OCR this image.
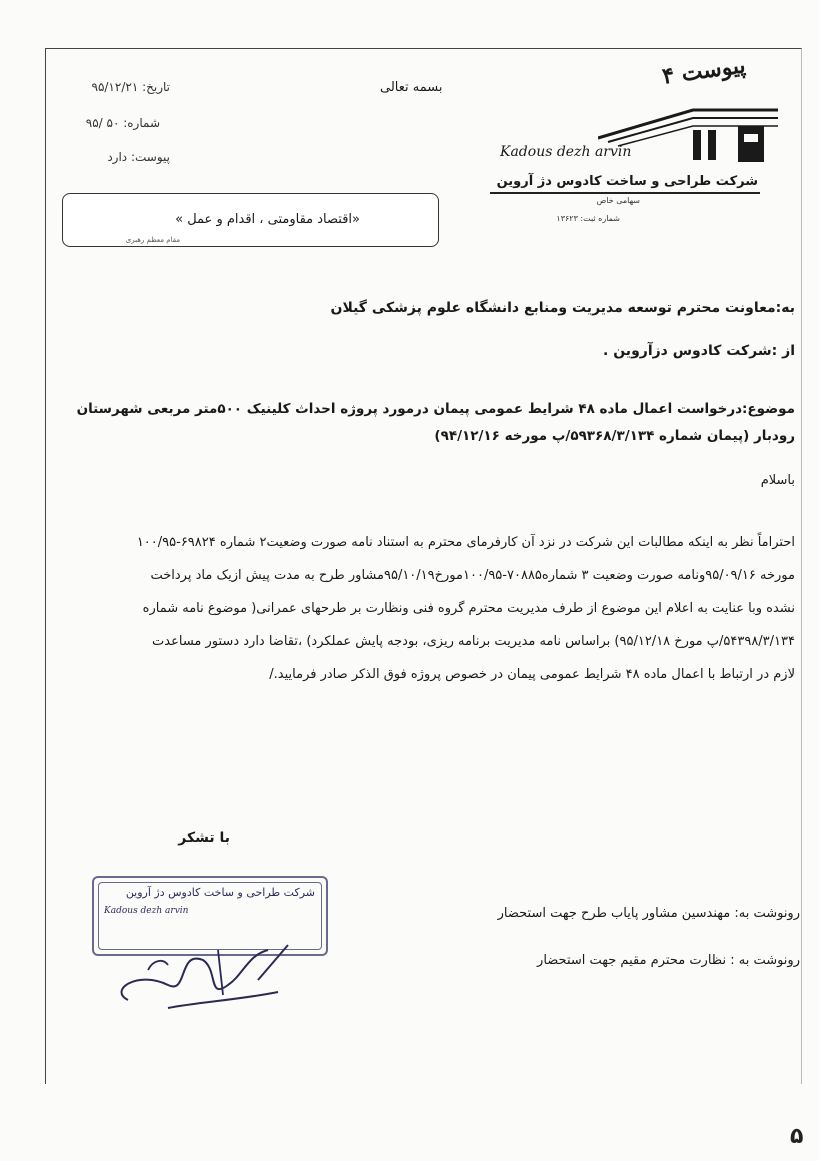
بسمه تعالی
تاریخ: ۹۵/۱۲/۲۱
شماره: ۵۰ /۹۵
پیوست: دارد
پیوست ۴
Kadous dezh arvin
شرکت طراحی و ساخت کادوس دژ آروین
سهامی خاص
شماره ثبت: ۱۳۶۲۳
«اقتصاد مقاومتی ، اقدام و عمل »
مقام معظم رهبری
به:معاونت محترم توسعه مدیریت ومنابع دانشگاه علوم پزشکی گیلان
از :شرکت کادوس دزآروین .
موضوع:درخواست اعمال ماده ۴۸ شرایط عمومی پیمان درمورد پروژه احداث کلینیک ۵۰۰متر مربعی شهرستان
رودبار (پیمان شماره ۵۹۳۶۸/۳/۱۳۴/پ مورخه ۹۴/۱۲/۱۶)
باسلام
احتراماً نظر به اینکه مطالبات این شرکت در نزد آن کارفرمای محترم به استناد نامه صورت وضعیت۲ شماره ۶۹۸۲۴-۱۰۰/۹۵
مورخه ۹۵/۰۹/۱۶ونامه صورت وضعیت ۳ شماره۷۰۸۸۵-۱۰۰/۹۵مورخ۹۵/۱۰/۱۹مشاور طرح به مدت پیش ازیک ماد پرداخت
نشده وبا عنایت به اعلام این موضوع از طرف مدیریت محترم گروه فنی ونظارت بر طرحهای عمرانی( موضوع نامه شماره
۵۴۳۹۸/۳/۱۳۴/پ مورخ ۹۵/۱۲/۱۸) براساس نامه مدیریت برنامه ریزی، بودجه پایش عملکرد) ،تقاضا دارد دستور مساعدت
لازم در ارتباط با اعمال ماده ۴۸ شرایط عمومی پیمان در خصوص پروژه فوق الذکر صادر فرمایید./
با تشکر
شرکت طراحی و ساخت کادوس دژ آروین
Kadous dezh arvin	رونوشت به: مهندسین مشاور پایاب طرح جهت استحضار
رونوشت به : نظارت محترم مقیم جهت استحضار
۵
